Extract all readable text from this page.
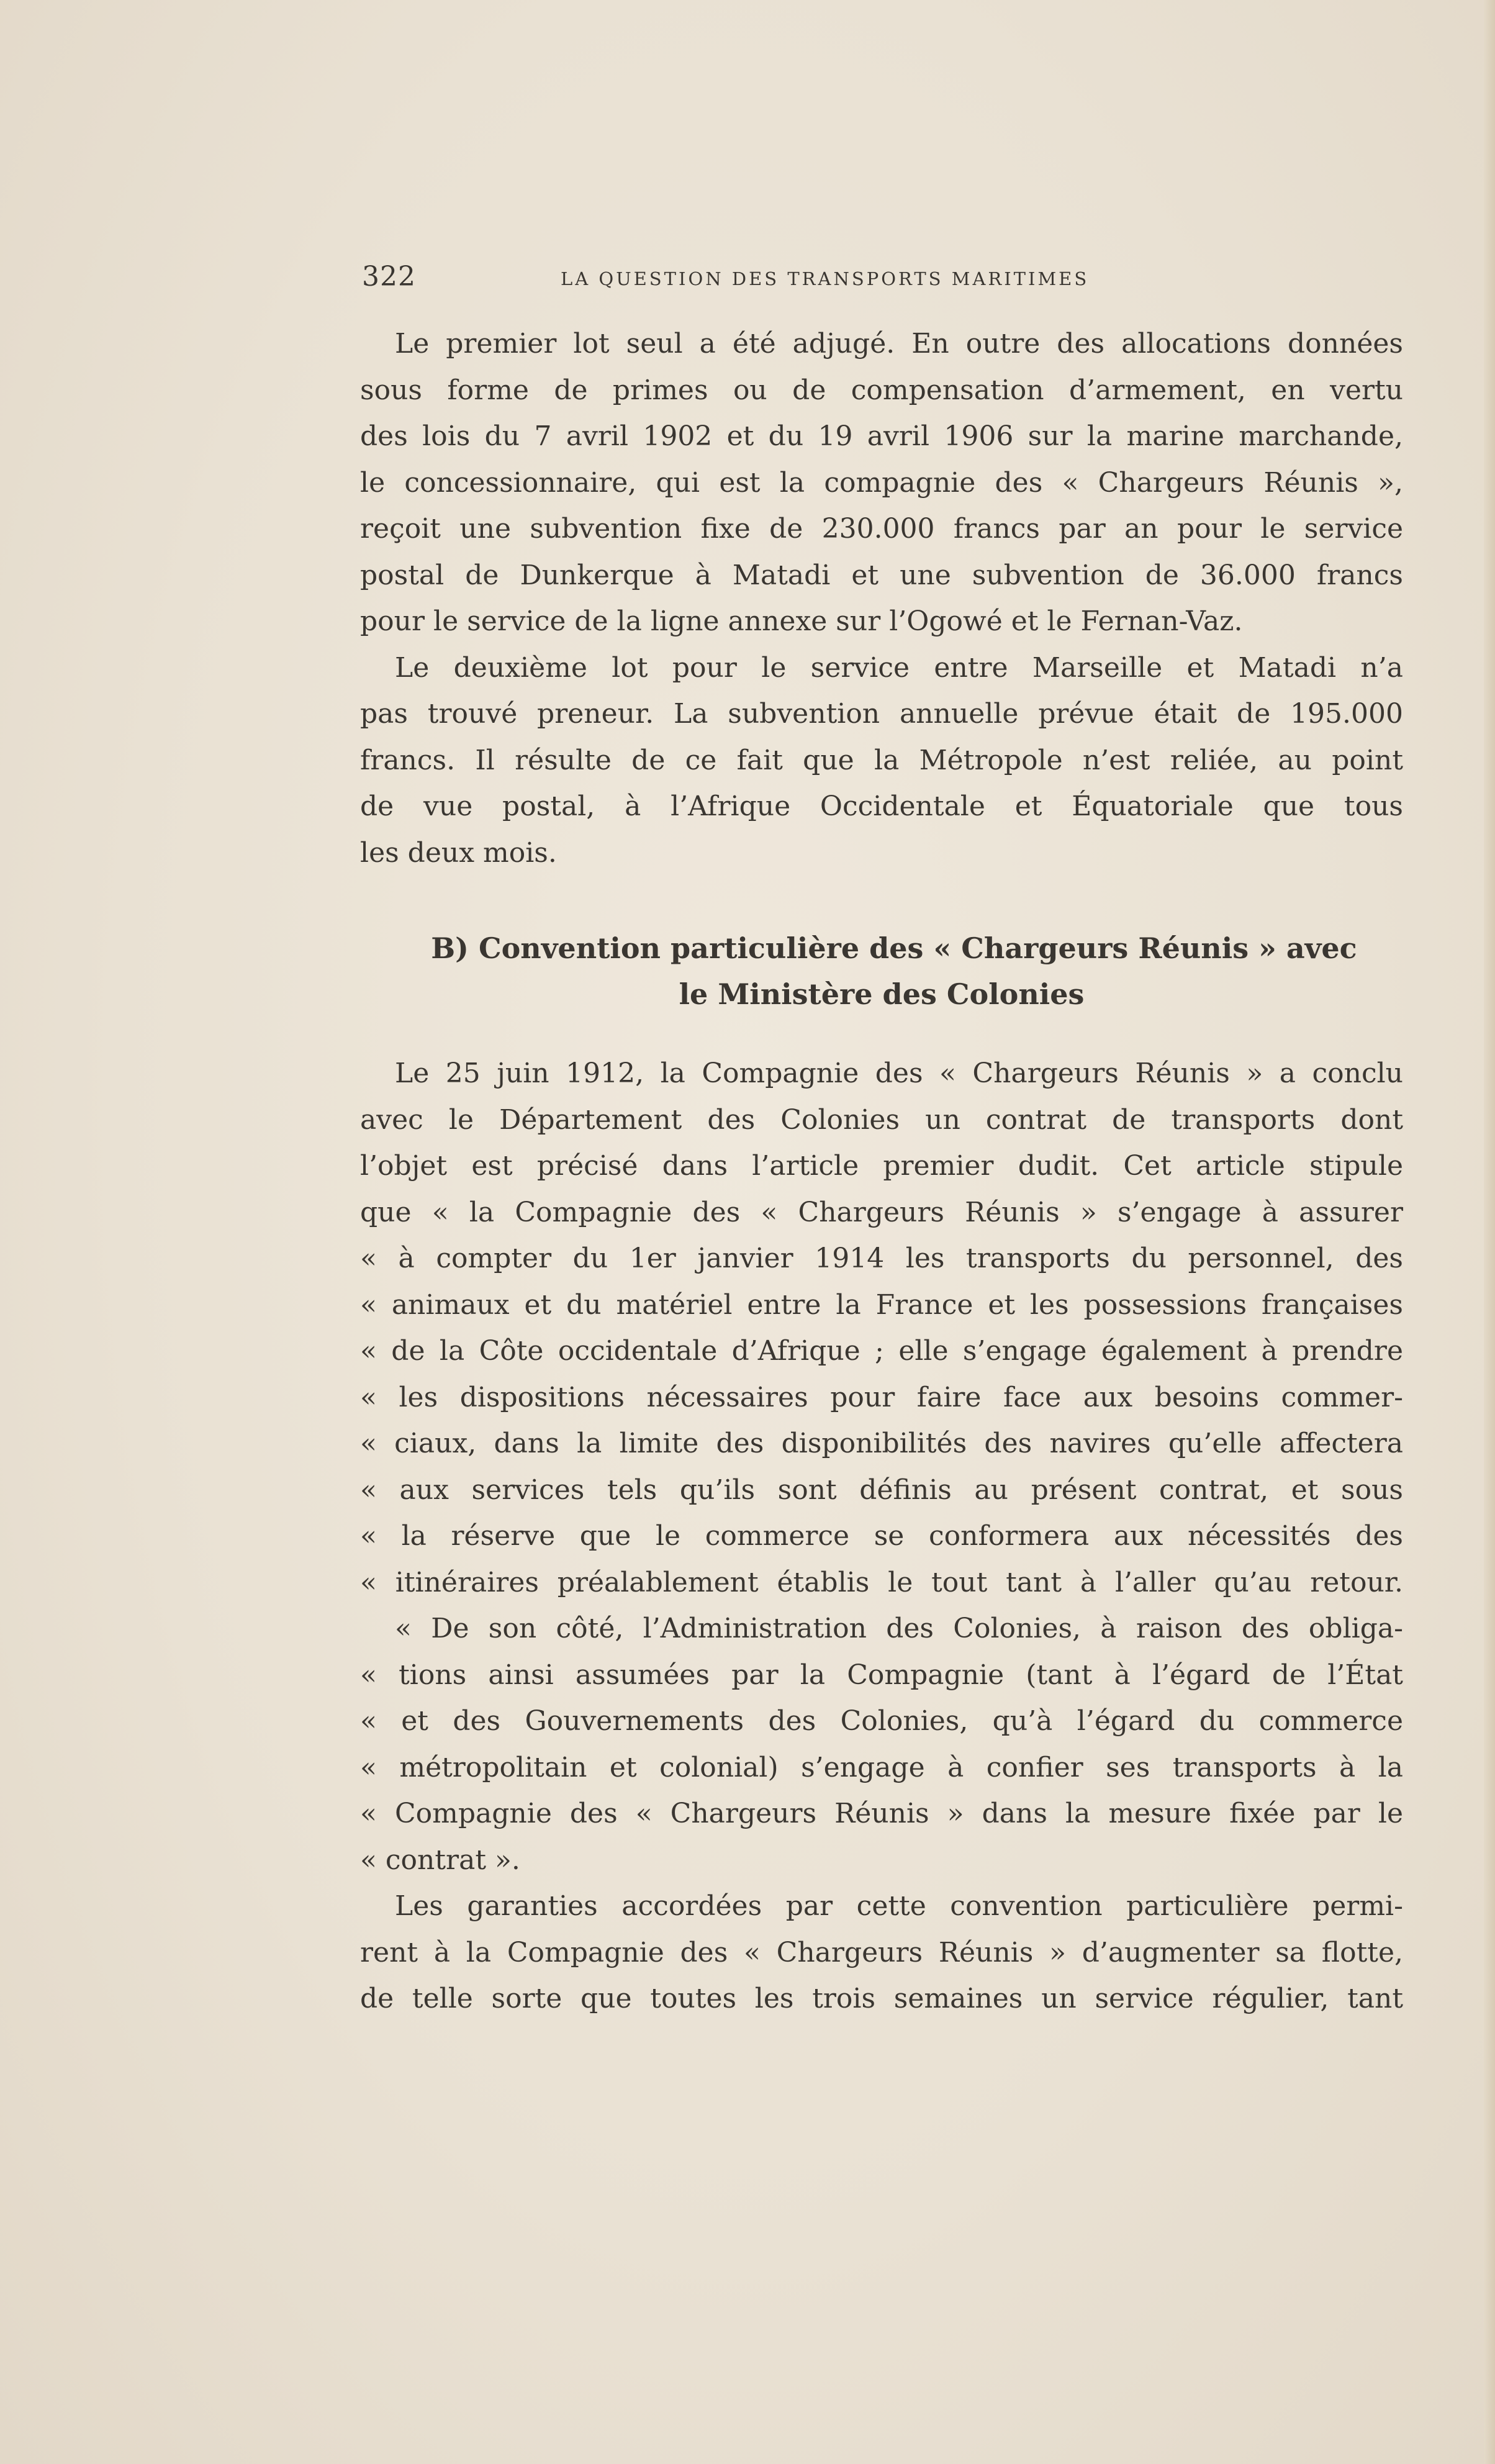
322	LA QUESTION DES TRANSPORTS MARITIMES
Le premier lot seul a été adjugé. En outre des allocations données
sous forme de primes ou de compensation d’armement, en vertu
des lois du 7 avril 1902 et du 19 avril 1906 sur la marine marchande,
le concessionnaire, qui est la compagnie des « Chargeurs Réunis »,
reçoit une subvention fixe de 230.000 francs par an pour le service
postal de Dunkerque à Matadi et une subvention de 36.000 francs
pour le service de la ligne annexe sur l’Ogowé et le Fernan-Vaz.
Le deuxième lot pour le service entre Marseille et Matadi n’a
pas trouvé preneur. La subvention annuelle prévue était de 195.000
francs. Il résulte de ce fait que la Métropole n’est reliée, au point
de vue postal, à l’Afrique Occidentale et Équatoriale que tous
les deux mois.
B) Convention particulière des « Chargeurs Réunis » avec
le Ministère des Colonies
Le 25 juin 1912, la Compagnie des « Chargeurs Réunis » a conclu
avec le Département des Colonies un contrat de transports dont
l’objet est précisé dans l’article premier dudit. Cet article stipule
que « la Compagnie des « Chargeurs Réunis » s’engage à assurer
« à compter du 1er janvier 1914 les transports du personnel, des
« animaux et du matériel entre la France et les possessions françaises
« de la Côte occidentale d’Afrique ; elle s’engage également à prendre
« les dispositions nécessaires pour faire face aux besoins commer-
« ciaux, dans la limite des disponibilités des navires qu’elle affectera
« aux services tels qu’ils sont définis au présent contrat, et sous
« la réserve que le commerce se conformera aux nécessités des
« itinéraires préalablement établis le tout tant à l’aller qu’au retour.
« De son côté, l’Administration des Colonies, à raison des obliga-
« tions ainsi assumées par la Compagnie (tant à l’égard de l’État
« et des Gouvernements des Colonies, qu’à l’égard du commerce
« métropolitain et colonial) s’engage à confier ses transports à la
« Compagnie des « Chargeurs Réunis » dans la mesure fixée par le
« contrat ».
Les garanties accordées par cette convention particulière permi-
rent à la Compagnie des « Chargeurs Réunis » d’augmenter sa flotte,
de telle sorte que toutes les trois semaines un service régulier, tant
